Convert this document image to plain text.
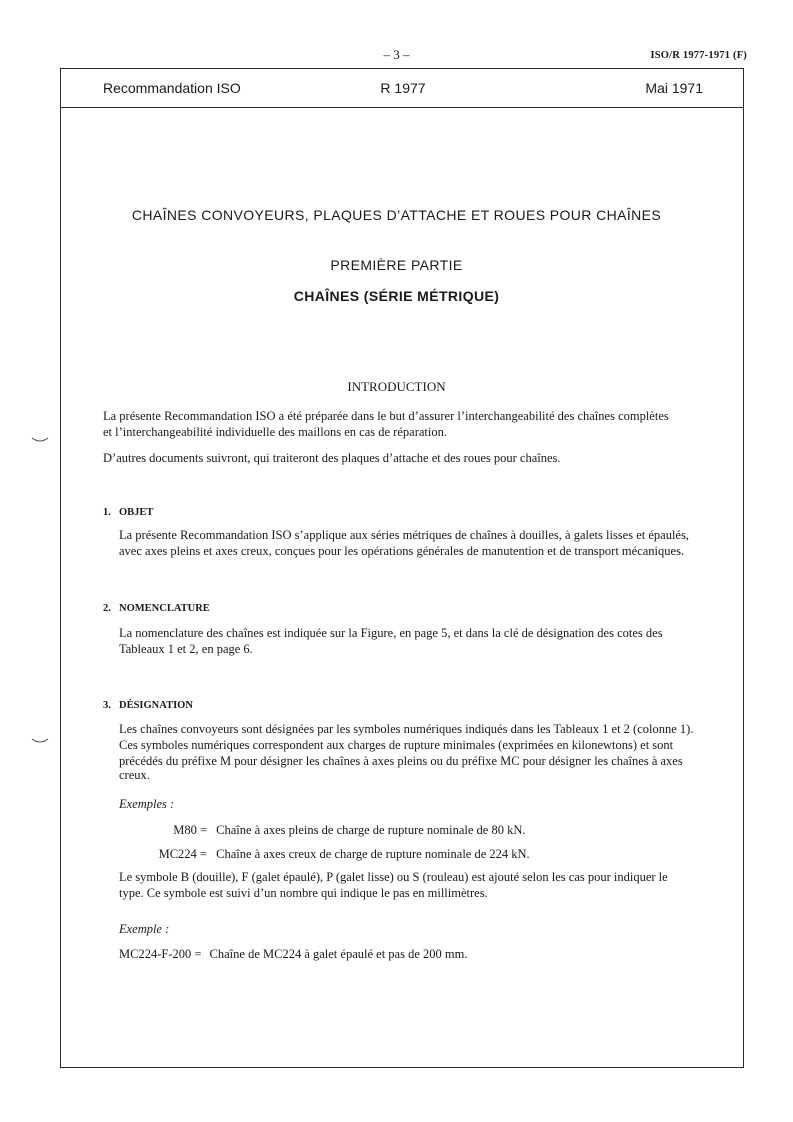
– 3 –	ISO/R 1977-1971 (F)
Recommandation ISO	R 1977	Mai 1971
CHAÎNES CONVOYEURS, PLAQUES D’ATTACHE ET ROUES POUR CHAÎNES
PREMIÈRE PARTIE
CHAÎNES (SÉRIE MÉTRIQUE)
INTRODUCTION
La présente Recommandation ISO a été préparée dans le but d’assurer l’interchangeabilité des chaînes complètes
et l’interchangeabilité individuelle des maillons en cas de réparation.
D’autres documents suivront, qui traiteront des plaques d’attache et des roues pour chaînes.
1. OBJET
La présente Recommandation ISO s’applique aux séries métriques de chaînes à douilles, à galets lisses et épaulés,
avec axes pleins et axes creux, conçues pour les opérations générales de manutention et de transport mécaniques.
2. NOMENCLATURE
La nomenclature des chaînes est indiquée sur la Figure, en page 5, et dans la clé de désignation des cotes des
Tableaux 1 et 2, en page 6.
3. DÉSIGNATION
Les chaînes convoyeurs sont désignées par les symboles numériques indiqués dans les Tableaux 1 et 2 (colonne 1).
Ces symboles numériques correspondent aux charges de rupture minimales (exprimées en kilonewtons) et sont
précédés du préfixe M pour désigner les chaînes à axes pleins ou du préfixe MC pour désigner les chaînes à axes
creux.
Exemples :
M80 = Chaîne à axes pleins de charge de rupture nominale de 80 kN.
MC224 = Chaîne à axes creux de charge de rupture nominale de 224 kN.
Le symbole B (douille), F (galet épaulé), P (galet lisse) ou S (rouleau) est ajouté selon les cas pour indiquer le
type. Ce symbole est suivi d’un nombre qui indique le pas en millimètres.
Exemple :
MC224-F-200 = Chaîne de MC224 à galet épaulé et pas de 200 mm.
